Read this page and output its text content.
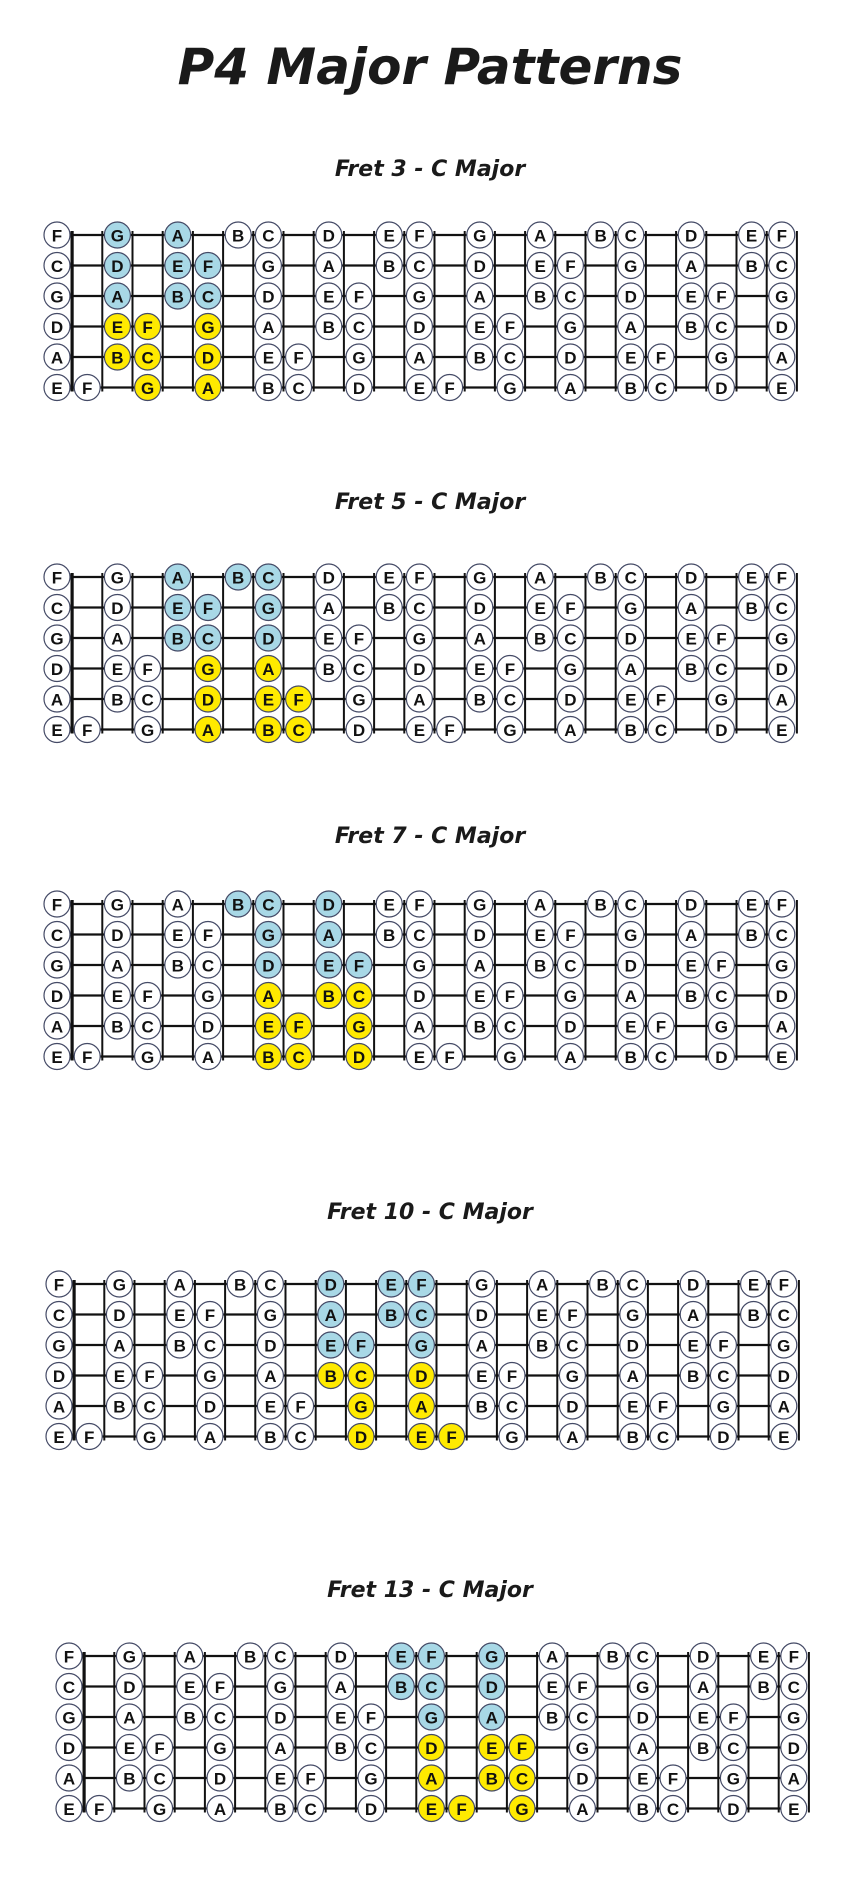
P4 Major Patterns
Fret 3 - C Major
F	G	A	B C	D	E F	G	A	B C	D	E F
C	D	E F	G	A	B C	D	E F	G	A	B C
G	A	B C	D	E F	G	A	B C	D	E F	G
D	E F	G	A	B C	D	E F	G	A	B C	D
A	B C	D	E F	G	A	B C	D	E F	G	A
E F	G	A	B C	D	E F	G	A	B C	D	E
Fret 5 - C Major
F	G	A	B C	D	E F	G	A	B C	D	E F
C	D	E F	G	A	B C	D	E F	G	A	B C
G	A	B C	D	E F	G	A	B C	D	E F	G
D	E F	G	A	B C	D	E F	G	A	B C	D
A	B C	D	E F	G	A	B C	D	E F	G	A
E F	G	A	B C	D	E F	G	A	B C	D	E
Fret 7 - C Major
F	G	A	B C	D	E F	G	A	B C	D	E F
C	D	E F	G	A	B C	D	E F	G	A	B C
G	A	B C	D	E F	G	A	B C	D	E F	G
D	E F	G	A	B C	D	E F	G	A	B C	D
A	B C	D	E F	G	A	B C	D	E F	G	A
E F	G	A	B C	D	E F	G	A	B C	D	E
Fret 10 - C Major
F	G	A	B C	D	E F	G	A	B C	D	E F
C	D	E F	G	A	B C	D	E F	G	A	B C
G	A	B C	D	E F	G	A	B C	D	E F	G
D	E F	G	A	B C	D	E F	G	A	B C	D
A	B C	D	E F	G	A	B C	D	E F	G	A
E F	G	A	B C	D	E F	G	A	B C	D	E
Fret 13 - C Major
F	G	A	B C	D	E F	G	A	B C	D	E F
C	D	E F	G	A	B C	D	E F	G	A	B C
G	A	B C	D	E F	G	A	B C	D	E F	G
D	E F	G	A	B C	D	E F	G	A	B C	D
A	B C	D	E F	G	A	B C	D	E F	G	A
E F	G	A	B C	D	E F	G	A	B C	D	E
